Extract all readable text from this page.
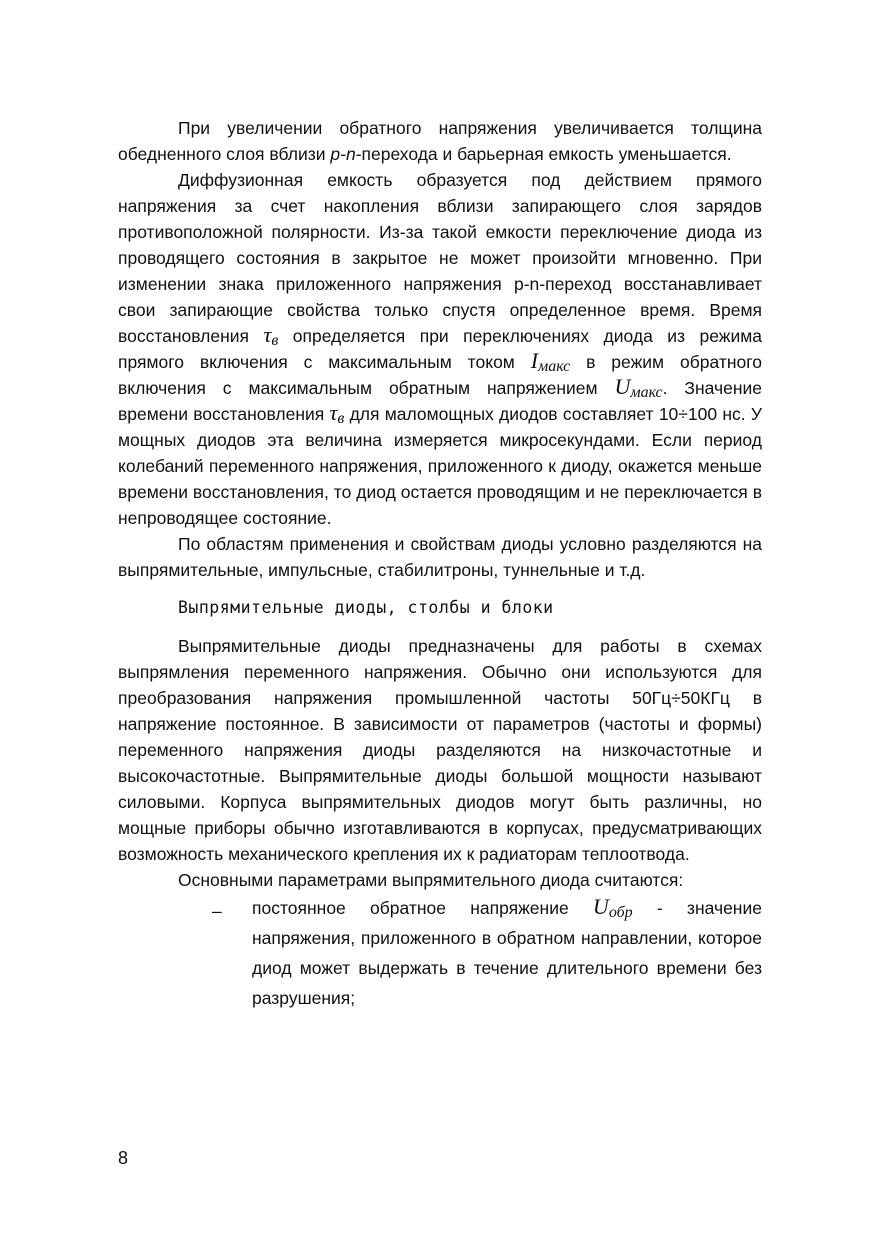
При увеличении обратного напряжения увеличивается толщина обедненного слоя вблизи p-n-перехода и барьерная емкость уменьшается.

Диффузионная емкость образуется под действием прямого напряжения за счет накопления вблизи запирающего слоя зарядов противоположной полярности. Из-за такой емкости переключение диода из проводящего состояния в закрытое не может произойти мгновенно. При изменении знака приложенного напряжения p-n-переход восстанавливает свои запирающие свойства только спустя определенное время. Время восстановления $\tau_в$ определяется при переключениях диода из режима прямого включения с максимальным током $I_{макс}$ в режим обратного включения с максимальным обратным напряжением $U_{макс}$. Значение времени восстановления $\tau_в$ для маломощных диодов составляет 10÷100 нс. У мощных диодов эта величина измеряется микросекундами. Если период колебаний переменного напряжения, приложенного к диоду, окажется меньше времени восстановления, то диод остается проводящим и не переключается в непроводящее состояние.

По областям применения и свойствам диоды условно разделяются на выпрямительные, импульсные, стабилитроны, туннельные и т.д.

Выпрямительные диоды, столбы и блоки

Выпрямительные диоды предназначены для работы в схемах выпрямления переменного напряжения. Обычно они используются для преобразования напряжения промышленной частоты 50Гц÷50КГц в напряжение постоянное. В зависимости от параметров (частоты и формы) переменного напряжения диоды разделяются на низкочастотные и высокочастотные. Выпрямительные диоды большой мощности называют силовыми. Корпуса выпрямительных диодов могут быть различны, но мощные приборы обычно изготавливаются в корпусах, предусматривающих возможность механического крепления их к радиаторам теплоотвода.

Основными параметрами выпрямительного диода считаются:

– постоянное обратное напряжение $U_{обр}$ - значение напряжения, приложенного в обратном направлении, которое диод может выдержать в течение длительного времени без разрушения;

8
